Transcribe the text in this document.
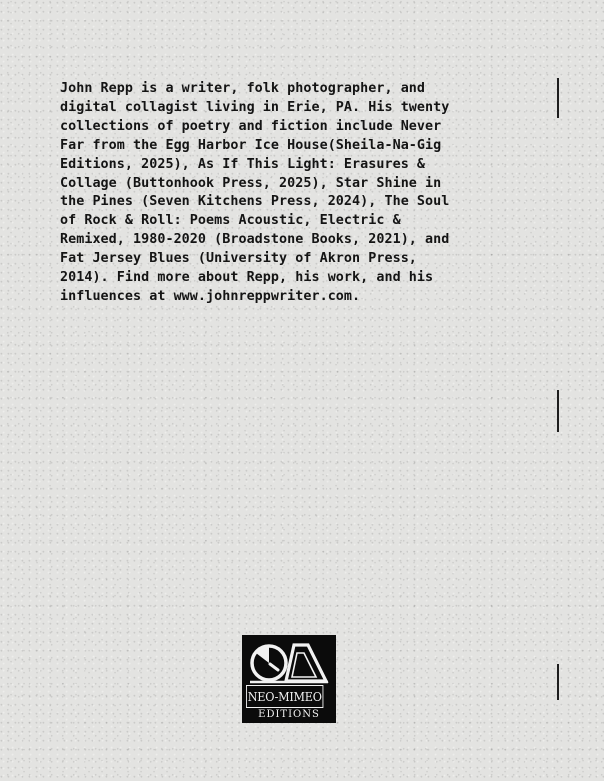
John Repp is a writer, folk photographer, and
digital collagist living in Erie, PA. His twenty
collections of poetry and fiction include Never
Far from the Egg Harbor Ice House(Sheila-Na-Gig
Editions, 2025), As If This Light: Erasures &
Collage (Buttonhook Press, 2025), Star Shine in
the Pines (Seven Kitchens Press, 2024), The Soul
of Rock & Roll: Poems Acoustic, Electric &
Remixed, 1980-2020 (Broadstone Books, 2021), and
Fat Jersey Blues (University of Akron Press,
2014). Find more about Repp, his work, and his
influences at www.johnreppwriter.com.

NEO-MIMEO
EDITIONS
